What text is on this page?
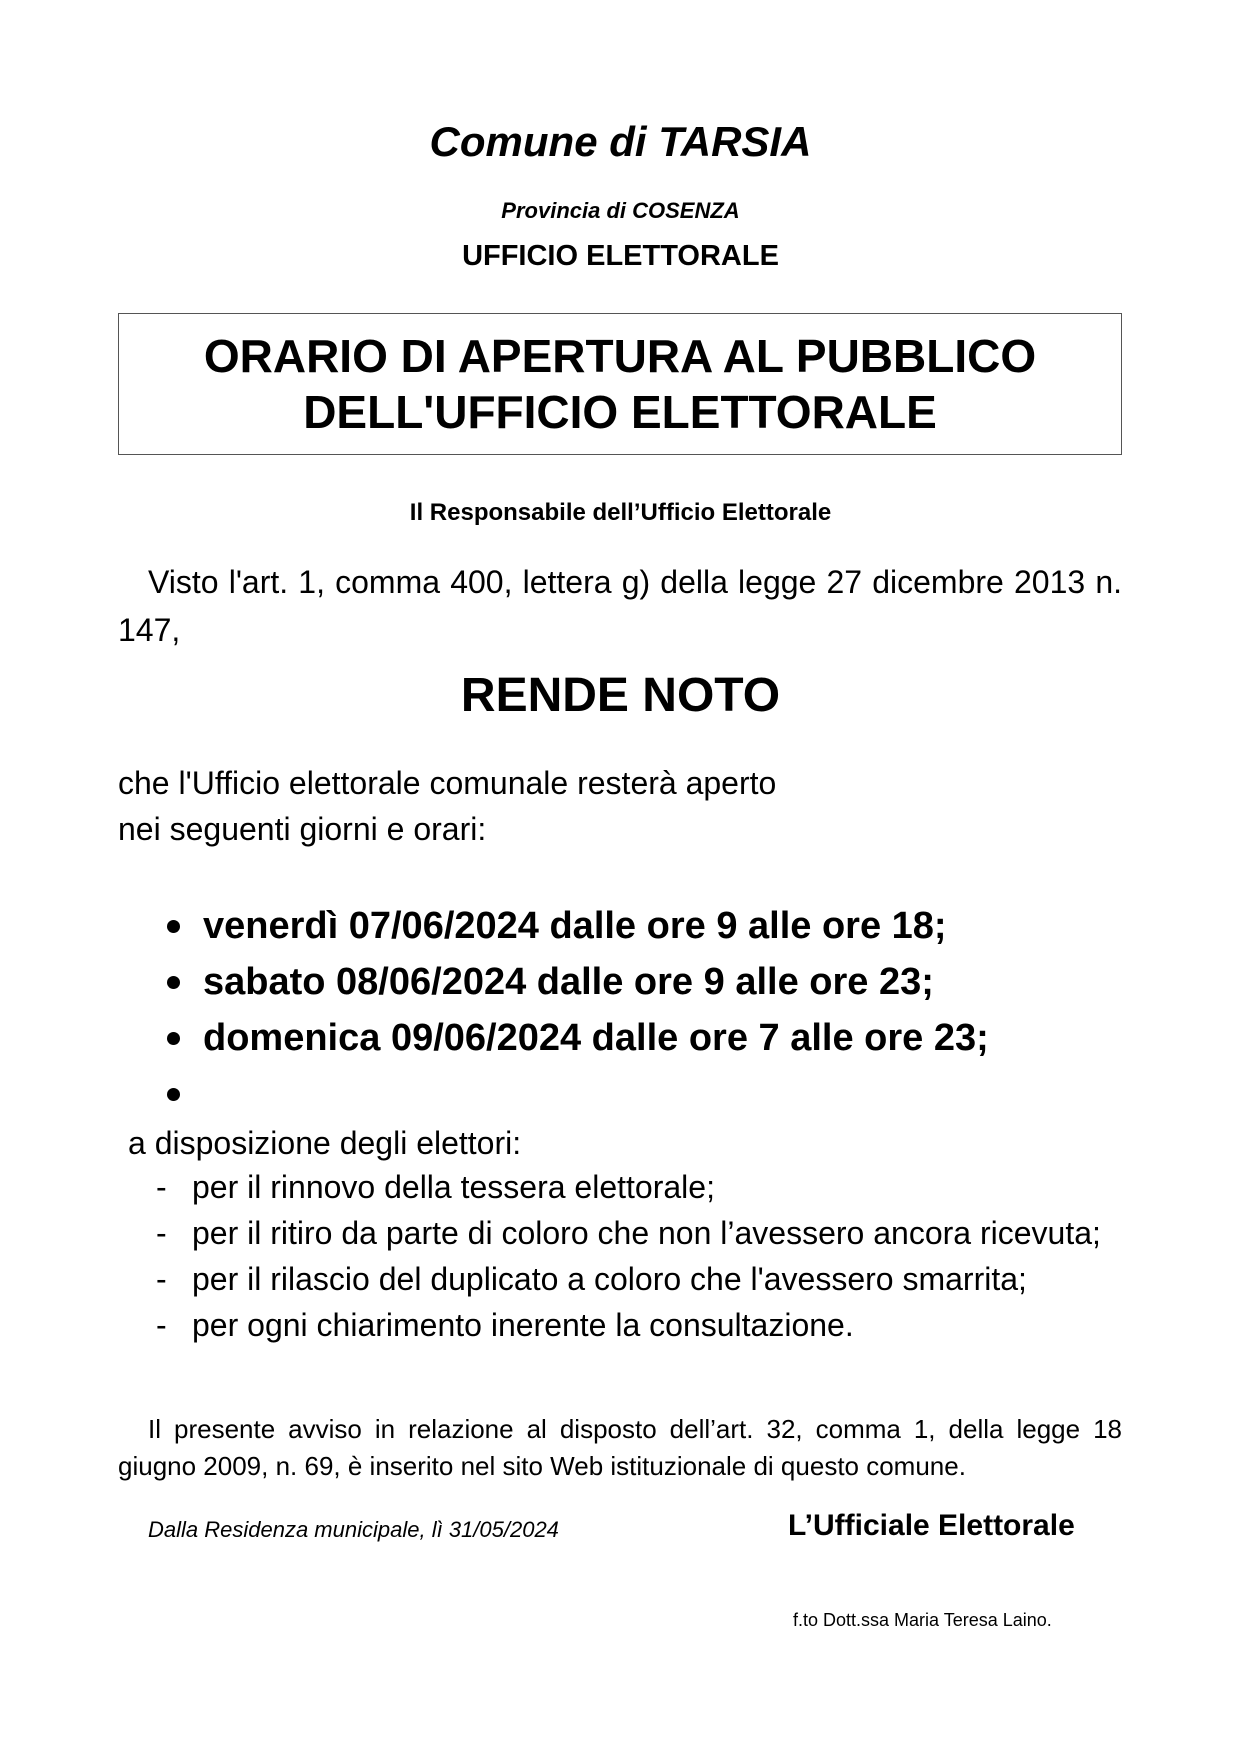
Comune di TARSIA
Provincia di COSENZA
UFFICIO ELETTORALE
ORARIO DI APERTURA AL PUBBLICO
DELL'UFFICIO ELETTORALE
Il Responsabile dell’Ufficio Elettorale
Visto l'art. 1, comma 400, lettera g) della legge 27 dicembre 2013 n. 147,
RENDE NOTO
che l'Ufficio elettorale comunale resterà aperto
nei seguenti giorni e orari:
venerdì 07/06/2024 dalle ore 9 alle ore 18;
sabato 08/06/2024 dalle ore 9 alle ore 23;
domenica 09/06/2024 dalle ore 7 alle ore 23;
a disposizione degli elettori:
- per il rinnovo della tessera elettorale;
- per il ritiro da parte di coloro che non l’avessero ancora ricevuta;
- per il rilascio del duplicato a coloro che l'avessero smarrita;
- per ogni chiarimento inerente la consultazione.
Il presente avviso in relazione al disposto dell’art. 32, comma 1, della legge 18 giugno 2009, n. 69, è inserito nel sito Web istituzionale di questo comune.
Dalla Residenza municipale, lì 31/05/2024	L’Ufficiale Elettorale
f.to Dott.ssa Maria Teresa Laino.
